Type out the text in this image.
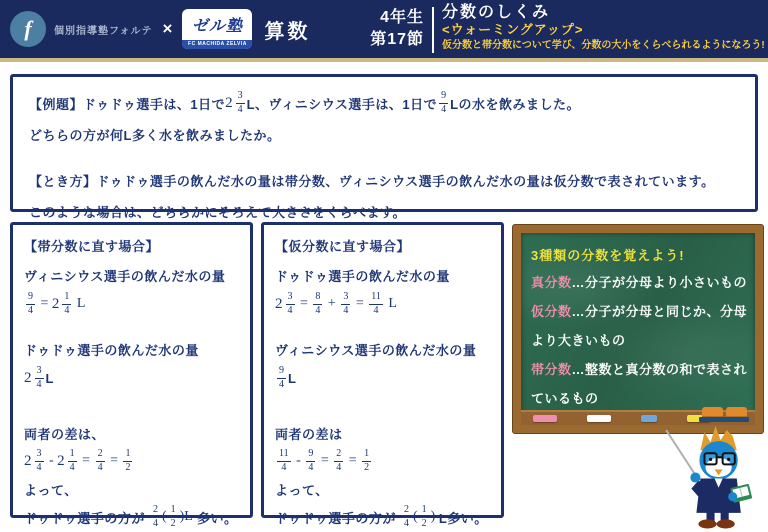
f	個別指導塾フォルテ ×	ゼル塾
FC MACHIDA ZELVIA
算数
4年生
第17節
分数のしくみ
<ウォーミングアップ>
仮分数と帯分数について学び、分数の大小をくらべられるようになろう!
【例題】ドゥドゥ選手は、1日で $2 \frac{3}{4}$ L、ヴィニシウス選手は、1日で $\frac{9}{4}$ Lの水を飲みました。
どちらの方が何L多く水を飲みましたか。
【とき方】ドゥドゥ選手の飲んだ水の量は帯分数、ヴィニシウス選手の飲んだ水の量は仮分数で表されています。
このような場合は、どちらかにそろえて大きさをくらべます。
【帯分数に直す場合】
ヴィニシウス選手の飲んだ水の量
$\frac{9}{4} = 2 \frac{1}{4}$ L
ドゥドゥ選手の飲んだ水の量
$2 \frac{3}{4}$ L
両者の差は、
$2 \frac{3}{4} - 2 \frac{1}{4} = \frac{2}{4} = \frac{1}{2}$
よって、
ドゥドゥ選手の方が $\frac{2}{4}$ ( $\frac{1}{2} )L$ 多い。
【仮分数に直す場合】
ドゥドゥ選手の飲んだ水の量
$2 \frac{3}{4} = \frac{8}{4} + \frac{3}{4} = \frac{11}{4}$ L
ヴィニシウス選手の飲んだ水の量
$\frac{9}{4}$ L
両者の差は
$\frac{11}{4} - \frac{9}{4} = \frac{2}{4} = \frac{1}{2}$
よって、
ドゥドゥ選手の方が $\frac{2}{4}$ ( $\frac{1}{2}$ ) L多い。
3種類の分数を覚えよう!
真分数 …分子が分母より小さいもの
仮分数 …分子が分母と同じか、分母
より大きいもの
帯分数 …整数と真分数の和で表され
ているもの
